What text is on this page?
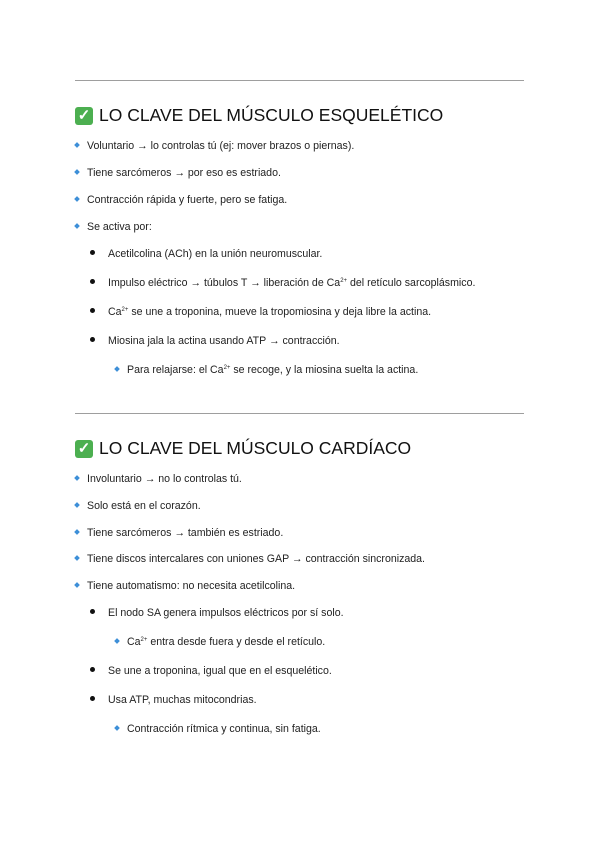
✓ LO CLAVE DEL MÚSCULO ESQUELÉTICO
Voluntario → lo controlas tú (ej: mover brazos o piernas).
Tiene sarcómeros → por eso es estriado.
Contracción rápida y fuerte, pero se fatiga.
Se activa por:
Acetilcolina (ACh) en la unión neuromuscular.
Impulso eléctrico → túbulos T → liberación de $Ca^{2+}$ del retículo sarcoplásmico.
$Ca^{2+}$ se une a troponina, mueve la tropomiosina y deja libre la actina.
Miosina jala la actina usando ATP → contracción.
Para relajarse: el $Ca^{2+}$ se recoge, y la miosina suelta la actina.
✓ LO CLAVE DEL MÚSCULO CARDÍACO
Involuntario → no lo controlas tú.
Solo está en el corazón.
Tiene sarcómeros → también es estriado.
Tiene discos intercalares con uniones GAP → contracción sincronizada.
Tiene automatismo: no necesita acetilcolina.
El nodo SA genera impulsos eléctricos por sí solo.
$Ca^{2+}$ entra desde fuera y desde el retículo.
Se une a troponina, igual que en el esquelético.
Usa ATP, muchas mitocondrias.
Contracción rítmica y continua, sin fatiga.
